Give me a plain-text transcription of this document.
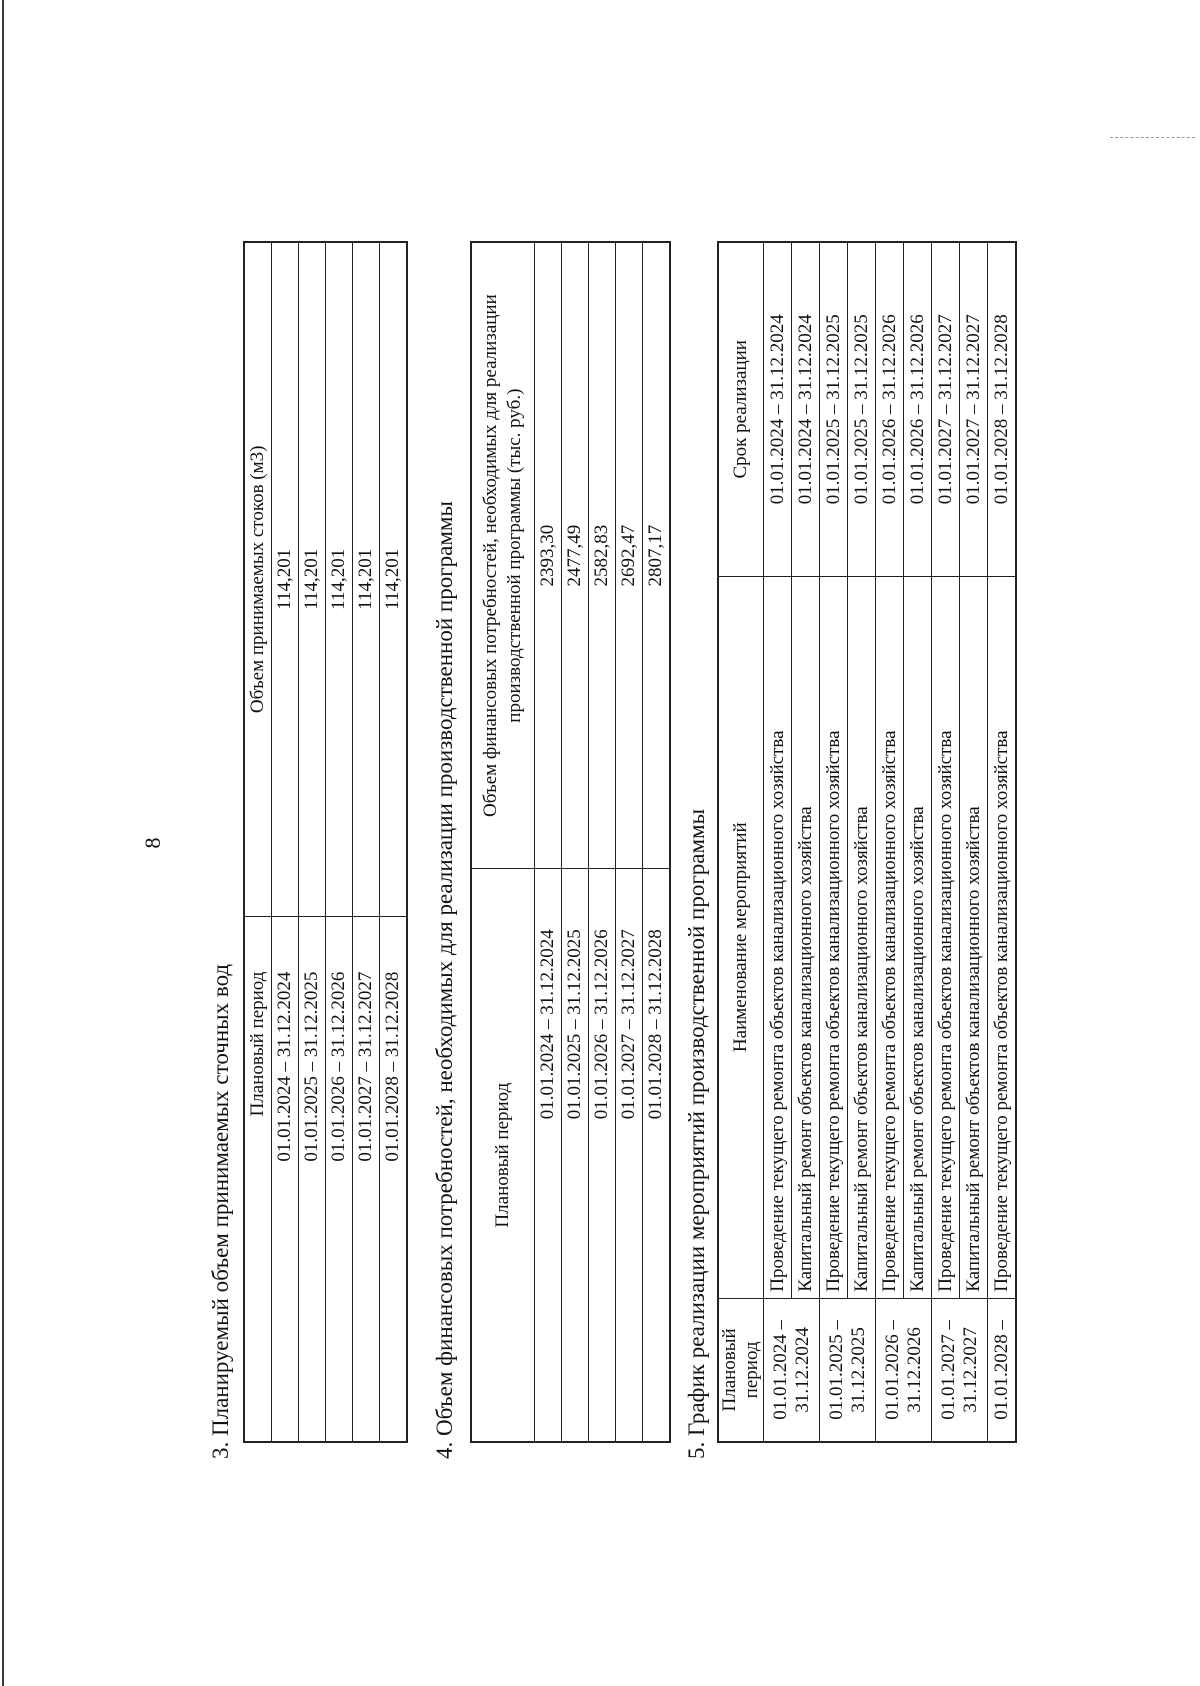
8
3. Планируемый объем принимаемых сточных вод Плановый период	Объем принимаемых стоков (м3)
01.01.2024 – 31.12.2024	114,201
01.01.2025 – 31.12.2025	114,201
01.01.2026 – 31.12.2026	114,201
01.01.2027 – 31.12.2027	114,201
01.01.2028 – 31.12.2028	114,201 4. Объем финансовых потребностей, необходимых для реализации производственной программы Плановый период	Объем финансовых потребностей, необходимых для реализации производственной программы (тыс. руб.)
01.01.2024 – 31.12.2024	2393,30
01.01.2025 – 31.12.2025	2477,49
01.01.2026 – 31.12.2026	2582,83
01.01.2027 – 31.12.2027	2692,47
01.01.2028 – 31.12.2028	2807,17
5. График реализации мероприятий производственной программы Плановый период	Наименование мероприятий	Срок реализации
01.01.2024 – 31.12.2024	Проведение текущего ремонта объектов канализационного хозяйства	01.01.2024 – 31.12.2024
	Капитальный ремонт объектов канализационного хозяйства	01.01.2024 – 31.12.2024
01.01.2025 – 31.12.2025	Проведение текущего ремонта объектов канализационного хозяйства	01.01.2025 – 31.12.2025
	Капитальный ремонт объектов канализационного хозяйства	01.01.2025 – 31.12.2025
01.01.2026 – 31.12.2026	Проведение текущего ремонта объектов канализационного хозяйства	01.01.2026 – 31.12.2026
	Капитальный ремонт объектов канализационного хозяйства	01.01.2026 – 31.12.2026
01.01.2027 – 31.12.2027	Проведение текущего ремонта объектов канализационного хозяйства	01.01.2027 – 31.12.2027
	Капитальный ремонт объектов канализационного хозяйства	01.01.2027 – 31.12.2027
01.01.2028 –	Проведение текущего ремонта объектов канализационного хозяйства	01.01.2028 – 31.12.2028
